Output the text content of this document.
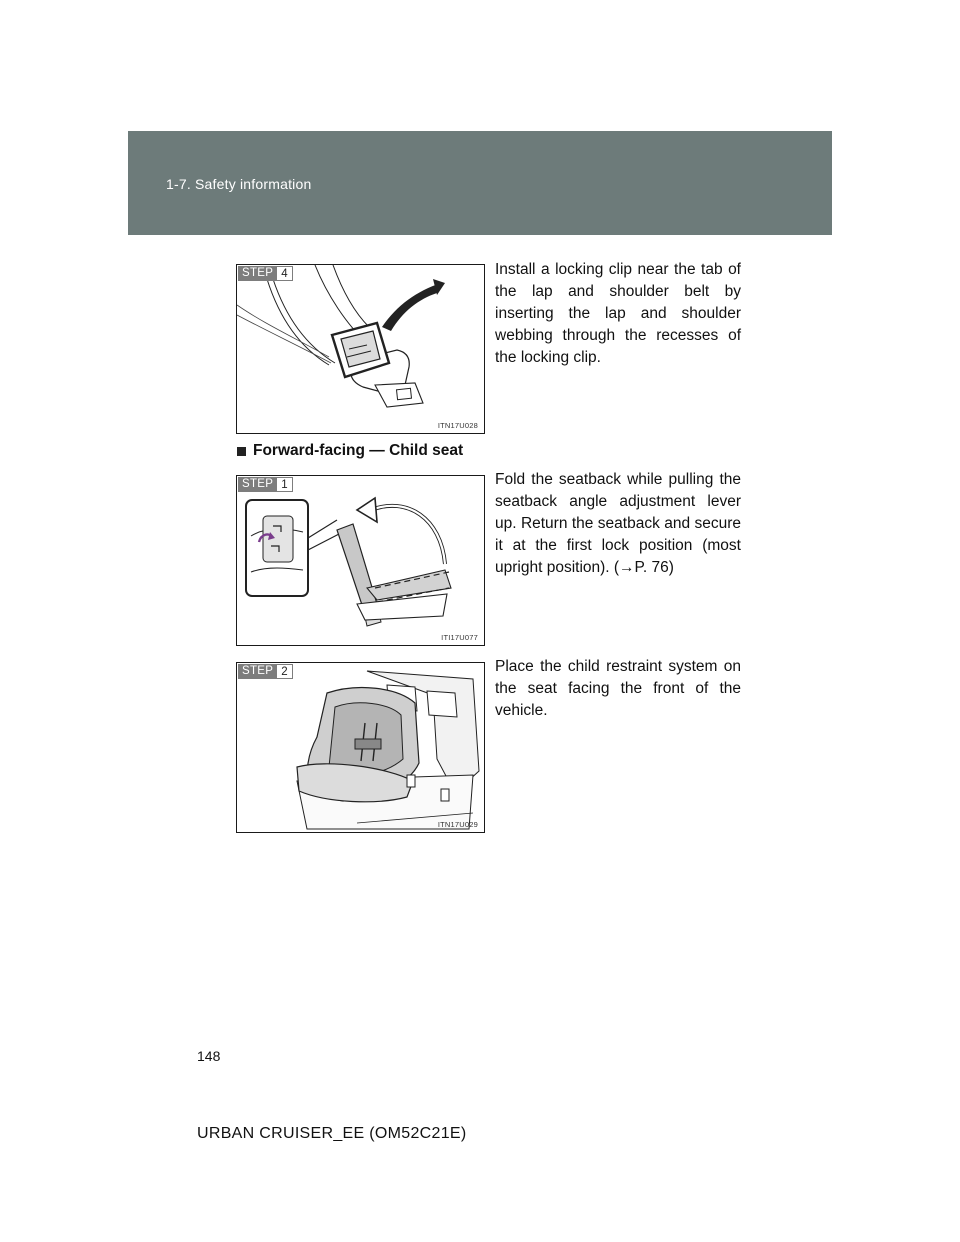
1-7. Safety information
STEP 4
ITN17U028
Install a locking clip near the tab of the lap and shoulder belt by inserting the lap and shoulder webbing through the recesses of the locking clip.
Forward-facing — Child seat
STEP 1
ITI17U077
Fold the seatback while pulling the seatback angle adjustment lever up. Return the seatback and secure it at the first lock position (most upright position). (→P. 76)
STEP 2
ITN17U029
Place the child restraint system on the seat facing the front of the vehicle.
148
URBAN CRUISER_EE (OM52C21E)
